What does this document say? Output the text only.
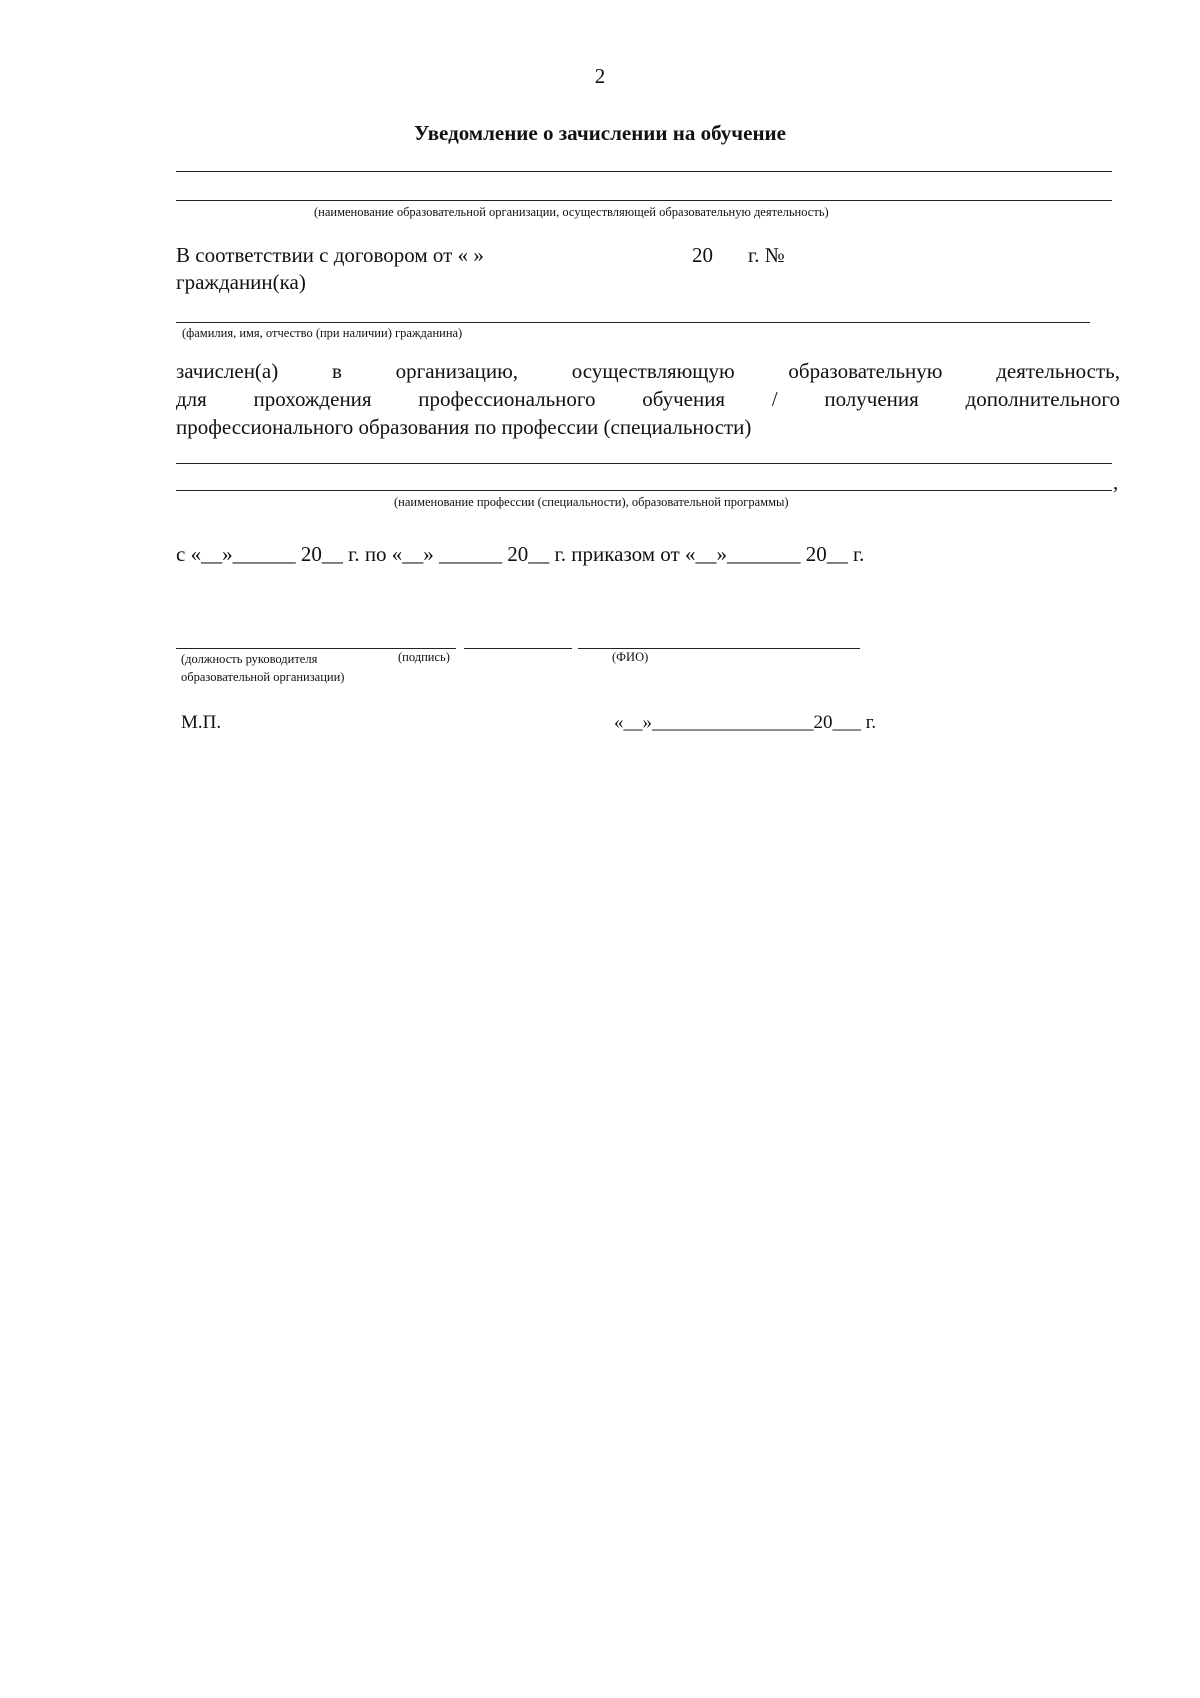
2
Уведомление о зачислении на обучение
(наименование образовательной организации, осуществляющей образовательную деятельность)
В соответствии с договором от « »	20 г. №
гражданин(ка)
(фамилия, имя, отчество (при наличии) гражданина)
зачислен(а) в организацию, осуществляющую образовательную деятельность,
для прохождения профессионального обучения / получения дополнительного
профессионального образования по профессии (специальности)
,
(наименование профессии (специальности), образовательной программы)
с «__»______ 20__ г. по «__» ______ 20__ г. приказом от «__»_______ 20__ г.
(должность руководителя
образовательной организации)
(подпись)	(ФИО)
М.П.	«__»_________________20___ г.
